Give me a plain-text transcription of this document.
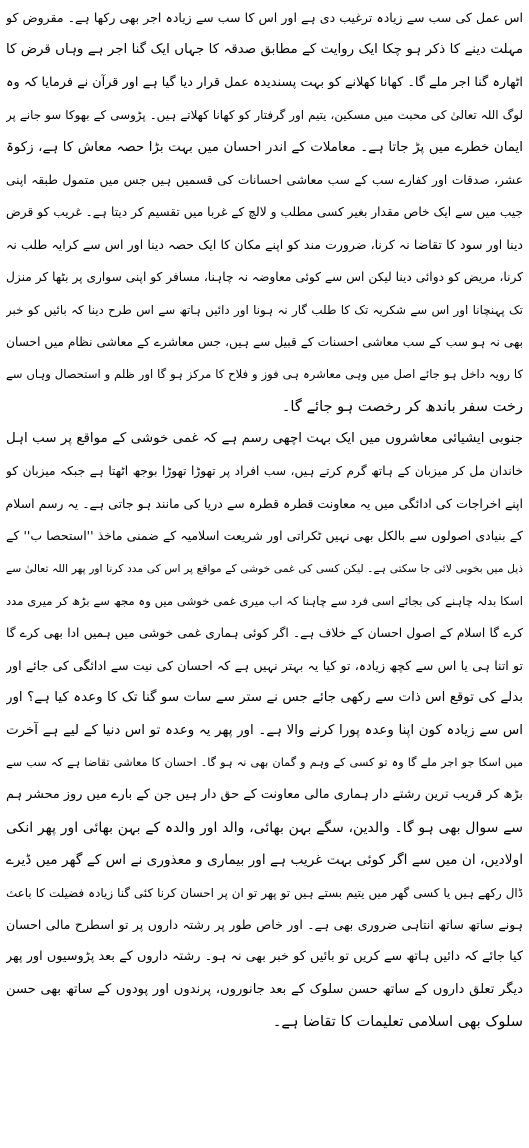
اس عمل کی سب سے زیادہ ترغیب دی ہے اور اس کا سب سے زیادہ اجر بھی رکھا ہے۔ مقروض کو
مہلت دینے کا ذکر ہو چکا ایک روایت کے مطابق صدقہ کا جہاں ایک گنا اجر ہے وہاں قرض کا
اٹھارہ گنا اجر ملے گا۔ کھانا کھلانے کو بہت پسندیدہ عمل قرار دیا گیا ہے اور قرآن نے فرمایا کہ وہ
لوگ اللہ تعالیٰ کی محبت میں مسکین، یتیم اور گرفتار کو کھانا کھلاتے ہیں۔ پڑوسی کے بھوکا سو جانے پر
ایمان خطرے میں پڑ جاتا ہے۔ معاملات کے اندر احسان میں بہت بڑا حصہ معاش کا ہے، زکوۃ
عشر، صدقات اور کفارے سب کے سب معاشی احسانات کی قسمیں ہیں جس میں متمول طبقہ اپنی
جیب میں سے ایک خاص مقدار بغیر کسی مطلب و لالچ کے غربا میں تقسیم کر دیتا ہے۔ غریب کو قرض
دینا اور سود کا تقاضا نہ کرنا، ضرورت مند کو اپنے مکان کا ایک حصہ دینا اور اس سے کرایہ طلب نہ
کرنا، مریض کو دوائی دینا لیکن اس سے کوئی معاوضہ نہ چاہنا، مسافر کو اپنی سواری پر بٹھا کر منزل
تک پہنچانا اور اس سے شکریہ تک کا طلب گار نہ ہونا اور دائیں ہاتھ سے اس طرح دینا کہ بائیں کو خبر
بھی نہ ہو سب کے سب معاشی احسنات کے قبیل سے ہیں، جس معاشرے کے معاشی نظام میں احسان
کا رویہ داخل ہو جائے اصل میں وہی معاشرہ ہی فوز و فلاح کا مرکز ہو گا اور ظلم و استحصال وہاں سے
رخت سفر باندھ کر رخصت ہو جائے گا۔
جنوبی ایشیائی معاشروں میں ایک بہت اچھی رسم ہے کہ غمی خوشی کے مواقع پر سب اہل
خاندان مل کر میزبان کے ہاتھ گرم کرتے ہیں، سب افراد پر تھوڑا تھوڑا بوجھ اٹھتا ہے جبکہ میزبان کو
اپنے اخراجات کی ادائگی میں یہ معاونت قطرہ قطرہ سے دریا کی مانند ہو جاتی ہے۔ یہ رسم اسلام
کے بنیادی اصولوں سے بالکل بھی نہیں ٹکراتی اور شریعت اسلامیہ کے ضمنی ماخذ ''استحصا ب'' کے
ذیل میں بخوبی لائی جا سکتی ہے۔ لیکن کسی کی غمی خوشی کے مواقع پر اس کی مدد کرنا اور پھر اللہ تعالیٰ سے
اسکا بدلہ چاہنے کی بجائے اسی فرد سے چاہنا کہ اب میری غمی خوشی میں وہ مجھ سے بڑھ کر میری مدد
کرے گا اسلام کے اصول احسان کے خلاف ہے۔ اگر کوئی ہماری غمی خوشی میں ہمیں ادا بھی کرے گا
تو اتنا ہی یا اس سے کچھ زیادہ، تو کیا یہ بہتر نہیں ہے کہ احسان کی نیت سے ادائگی کی جائے اور
بدلے کی توقع اس ذات سے رکھی جائے جس نے ستر سے سات سو گنا تک کا وعدہ کیا ہے؟ اور
اس سے زیادہ کون اپنا وعدہ پورا کرنے والا ہے۔ اور پھر یہ وعدہ تو اس دنیا کے لیے ہے آخرت
میں اسکا جو اجر ملے گا وہ تو کسی کے وہم و گمان بھی نہ ہو گا۔ احسان کا معاشی تقاضا ہے کہ سب سے
بڑھ کر قریب ترین رشتے دار ہماری مالی معاونت کے حق دار ہیں جن کے بارے میں روز محشر ہم
سے سوال بھی ہو گا۔ والدین، سگے بہن بھائی، والد اور والدہ کے بہن بھائی اور پھر انکی
اولادیں، ان میں سے اگر کوئی بہت غریب ہے اور بیماری و معذوری نے اس کے گھر میں ڈیرے
ڈال رکھے ہیں یا کسی گھر میں یتیم بستے ہیں تو پھر تو ان پر احسان کرنا کئی گنا زیادہ فضیلت کا باعث
ہونے ساتھ ساتھ انتاہی ضروری بھی ہے۔ اور خاص طور پر رشتہ داروں پر تو اسطرح مالی احسان
کیا جائے کہ دائیں ہاتھ سے کریں تو بائیں کو خبر بھی نہ ہو۔ رشتہ داروں کے بعد پڑوسیوں اور پھر
دیگر تعلق داروں کے ساتھ حسن سلوک کے بعد جانوروں، پرندوں اور پودوں کے ساتھ بھی حسن
سلوک بھی اسلامی تعلیمات کا تقاضا ہے۔
